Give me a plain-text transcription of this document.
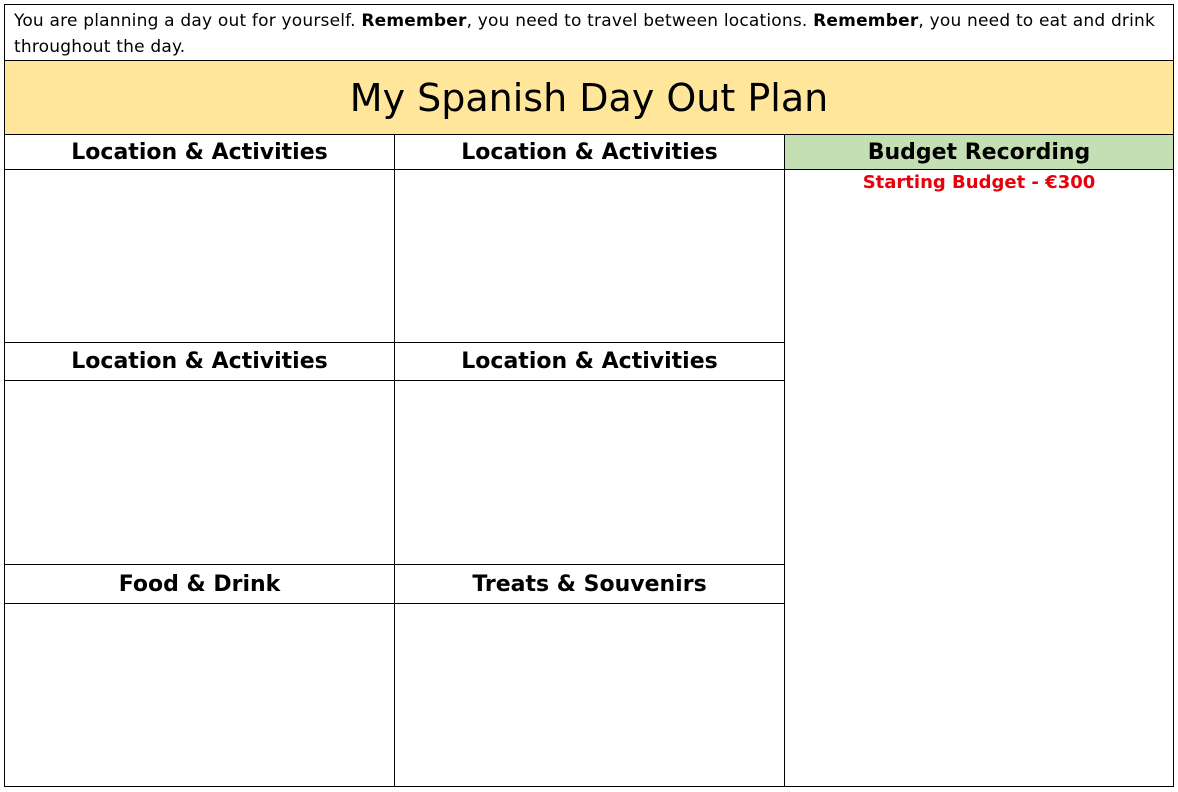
You are planning a day out for yourself. Remember, you need to travel between locations. Remember, you need to eat and drink throughout the day.
My Spanish Day Out Plan
Location & Activities	Location & Activities	Budget Recording
Starting Budget - €300
Location & Activities	Location & Activities
Food & Drink	Treats & Souvenirs
